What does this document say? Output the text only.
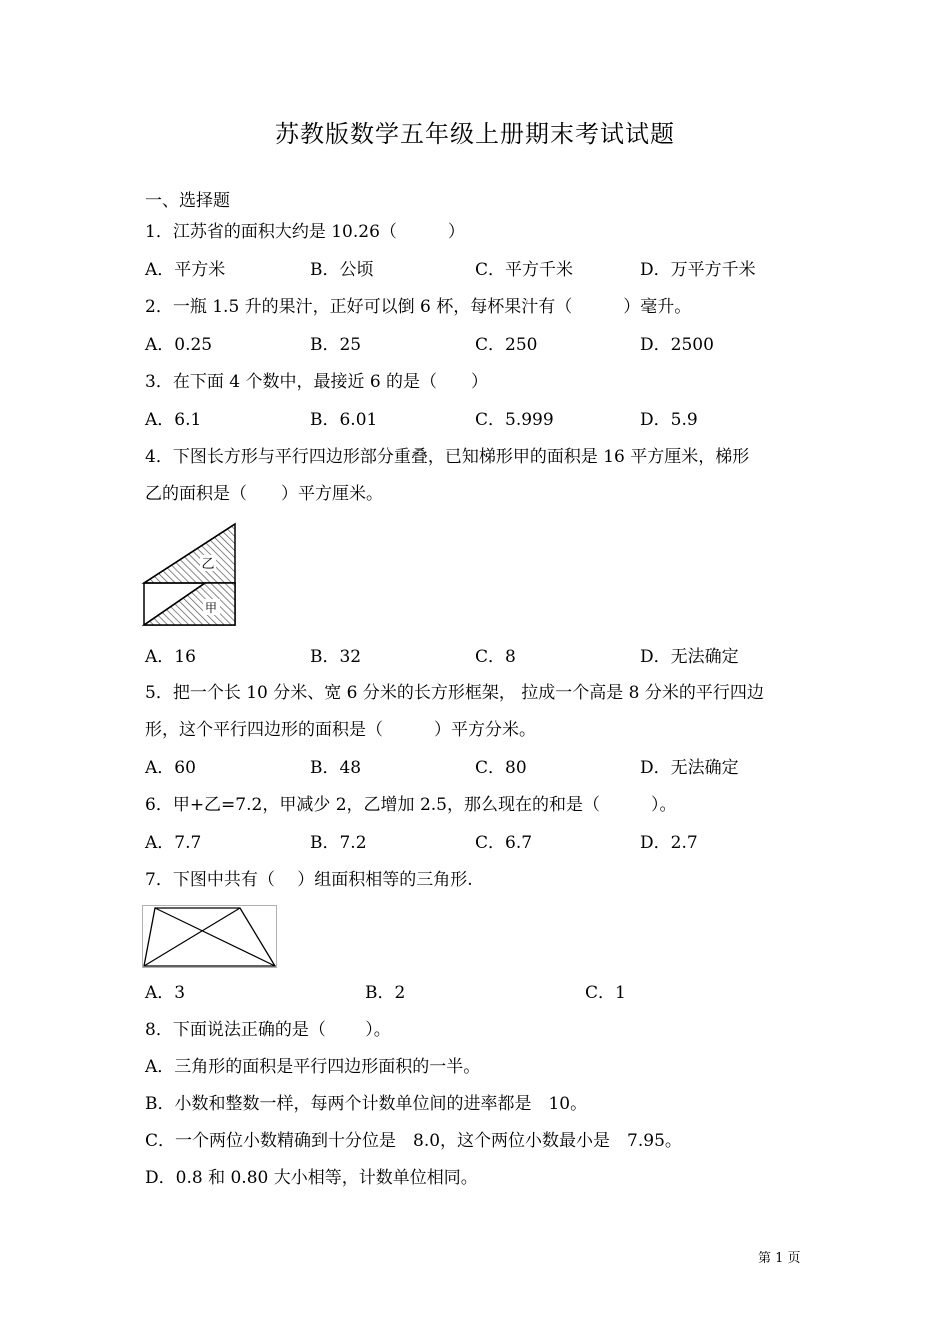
苏教版数学五年级上册期末考试试题
一、选择题
1．江苏省的面积大约是 10.26（　　　）
A．平方米	B．公顷	C．平方千米	D．万平方千米
2．一瓶 1.5 升的果汁，正好可以倒 6 杯，每杯果汁有（　　　）毫升。
A．0.25	B．25	C．250	D．2500
3．在下面 4 个数中，最接近 6 的是（　　）
A．6.1	B．6.01	C．5.999	D．5.9
4．下图长方形与平行四边形部分重叠，已知梯形甲的面积是 16 平方厘米，梯形
乙的面积是（　　）平方厘米。
乙
甲
A．16	B．32	C．8	D．无法确定
5．把一个长 10 分米、宽 6 分米的长方形框架， 拉成一个高是 8 分米的平行四边
形，这个平行四边形的面积是（　　　）平方分米。
A．60	B．48	C．80	D．无法确定
6．甲+乙=7.2，甲减少 2，乙增加 2.5，那么现在的和是（　　　）。
A．7.7	B．7.2	C．6.7	D．2.7
7．下图中共有（　 ）组面积相等的三角形.
A．3	B．2	C．1
8．下面说法正确的是（　　 ）。
A．三角形的面积是平行四边形面积的一半。
B．小数和整数一样，每两个计数单位间的进率都是　10。
C．一个两位小数精确到十分位是　8.0，这个两位小数最小是　7.95。
D．0.8 和 0.80 大小相等，计数单位相同。
第 1 页
